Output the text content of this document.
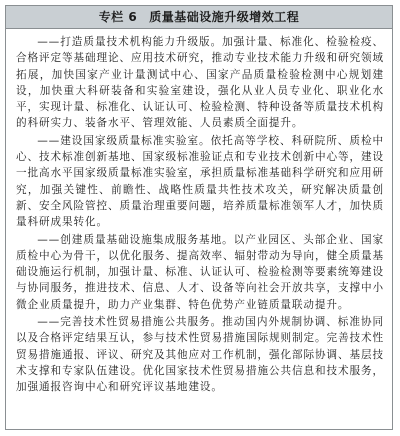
专栏 6 质量基础设施升级增效工程

——打造质量技术机构能力升级版。加强计量、标准化、检验检疫、合格评定等基础理论、应用技术研究，推动专业技术能力升级和研究领域拓展，加快国家产业计量测试中心、国家产品质量检验检测中心规划建设，加快重大科研装备和实验室建设，强化从业人员专业化、职业化水平，实现计量、标准化、认证认可、检验检测、特种设备等质量技术机构的科研实力、装备水平、管理效能、人员素质全面提升。

——建设国家级质量标准实验室。依托高等学校、科研院所、质检中心、技术标准创新基地、国家级标准验证点和专业技术创新中心等，建设一批高水平国家级质量标准实验室，承担质量标准基础科学研究和应用研究，加强关键性、前瞻性、战略性质量共性技术攻关，研究解决质量创新、安全风险管控、质量治理重要问题，培养质量标准领军人才，加快质量科研成果转化。

——创建质量基础设施集成服务基地。以产业园区、头部企业、国家质检中心为骨干，以优化服务、提高效率、辐射带动为导向，健全质量基础设施运行机制，加强计量、标准、认证认可、检验检测等要素统筹建设与协同服务，推进技术、信息、人才、设备等向社会开放共享，支撑中小微企业质量提升，助力产业集群、特色优势产业链质量联动提升。

——完善技术性贸易措施公共服务。推动国内外规制协调、标准协同以及合格评定结果互认，参与技术性贸易措施国际规则制定。完善技术性贸易措施通报、评议、研究及其他应对工作机制，强化部际协调、基层技术支撑和专家队伍建设。优化国家技术性贸易措施公共信息和技术服务，加强通报咨询中心和研究评议基地建设。
